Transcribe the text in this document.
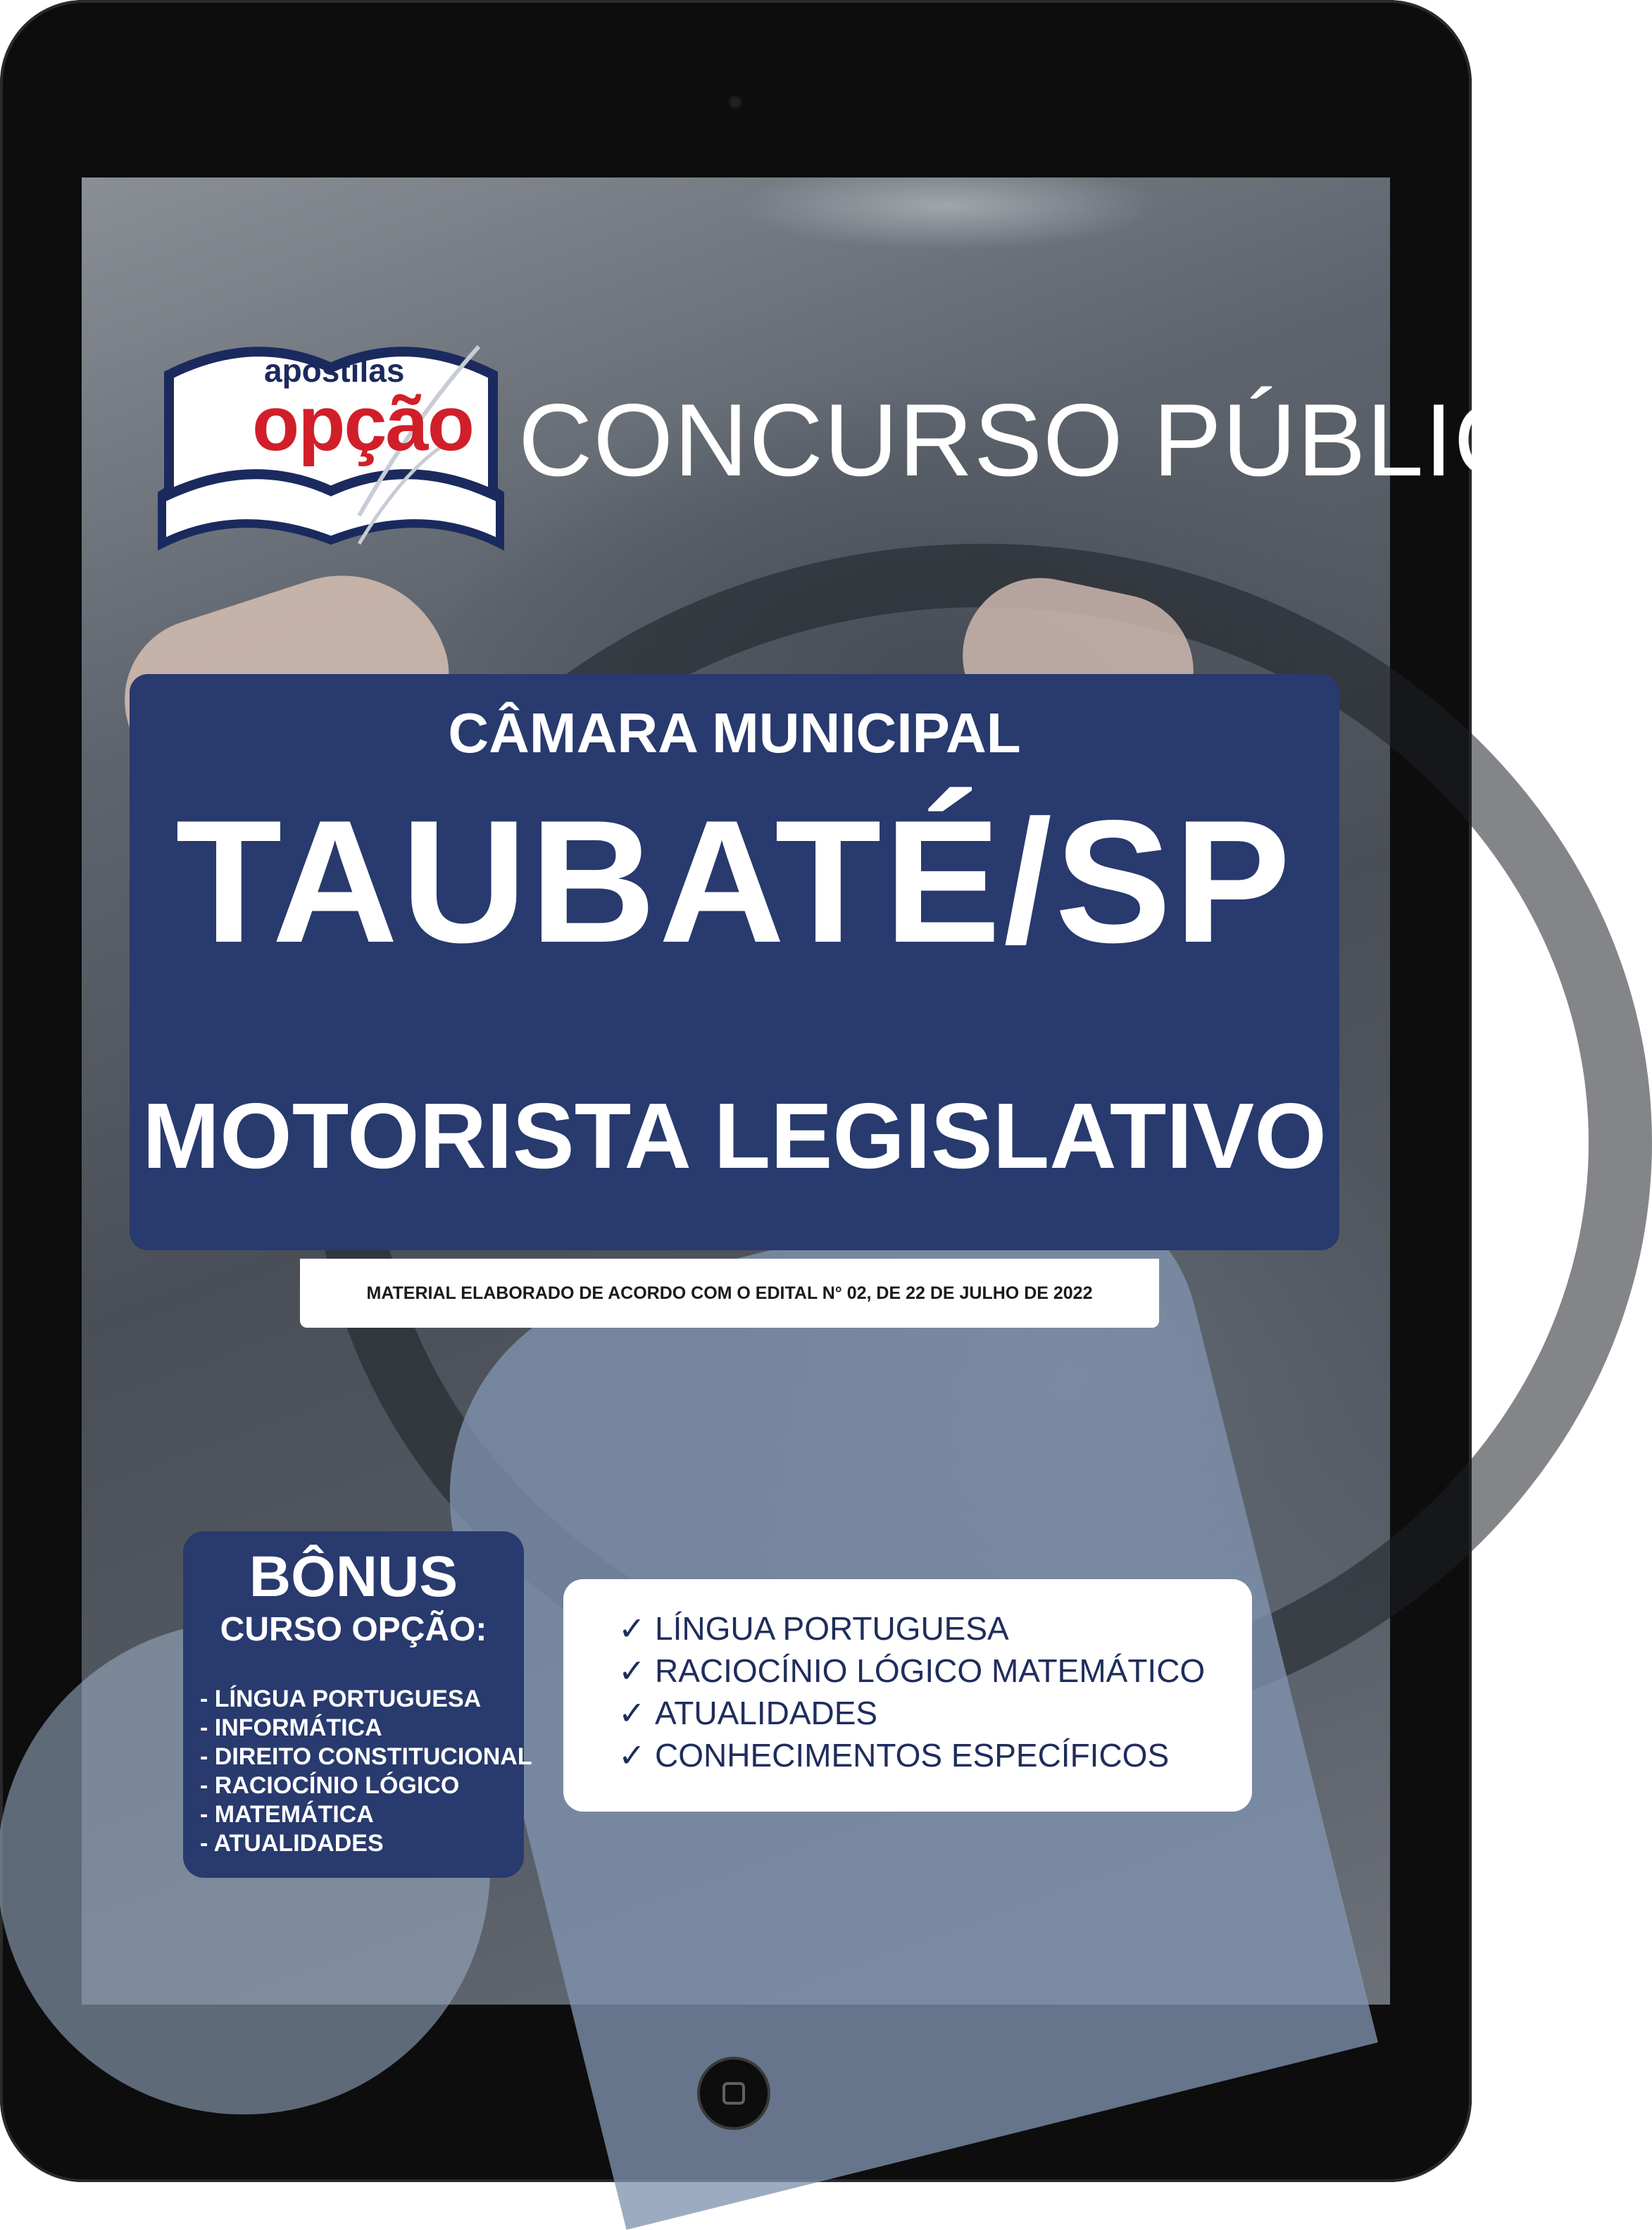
apostilas
opção CONCURSO PÚBLICO
CÂMARA MUNICIPAL
TAUBATÉ/SP
MOTORISTA LEGISLATIVO
MATERIAL ELABORADO DE ACORDO COM O EDITAL N° 02, DE 22 DE JULHO DE 2022
BÔNUS
CURSO OPÇÃO:
- LÍNGUA PORTUGUESA
- INFORMÁTICA
- DIREITO CONSTITUCIONAL
- RACIOCÍNIO LÓGICO
- MATEMÁTICA
- ATUALIDADES
✓ LÍNGUA PORTUGUESA
✓ RACIOCÍNIO LÓGICO MATEMÁTICO
✓ ATUALIDADES
✓ CONHECIMENTOS ESPECÍFICOS
